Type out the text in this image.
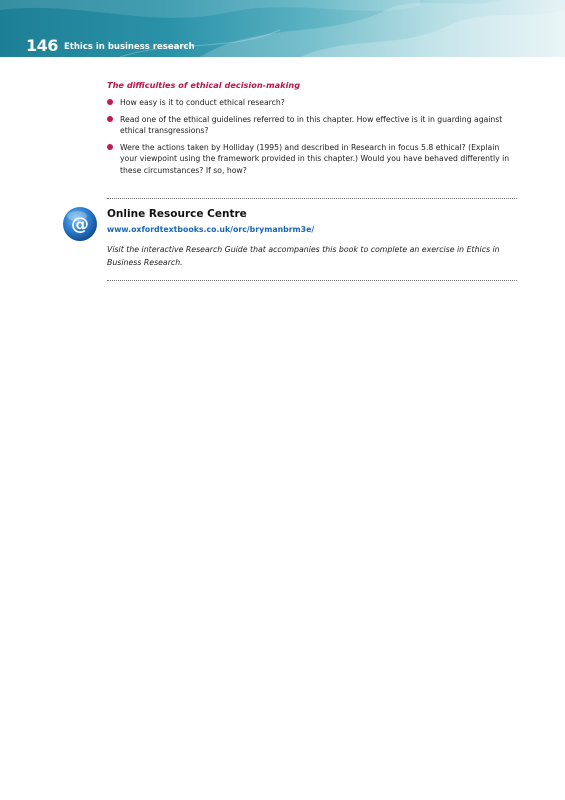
146 Ethics in business research
The difficulties of ethical decision-making
How easy is it to conduct ethical research?
Read one of the ethical guidelines referred to in this chapter. How effective is it in guarding against ethical transgressions?
Were the actions taken by Holliday (1995) and described in Research in focus 5.8 ethical? (Explain your viewpoint using the framework provided in this chapter.) Would you have behaved differently in these circumstances? If so, how?
@ Online Resource Centre
www.oxfordtextbooks.co.uk/orc/brymanbrm3e/
Visit the interactive Research Guide that accompanies this book to complete an exercise in Ethics in Business Research.
